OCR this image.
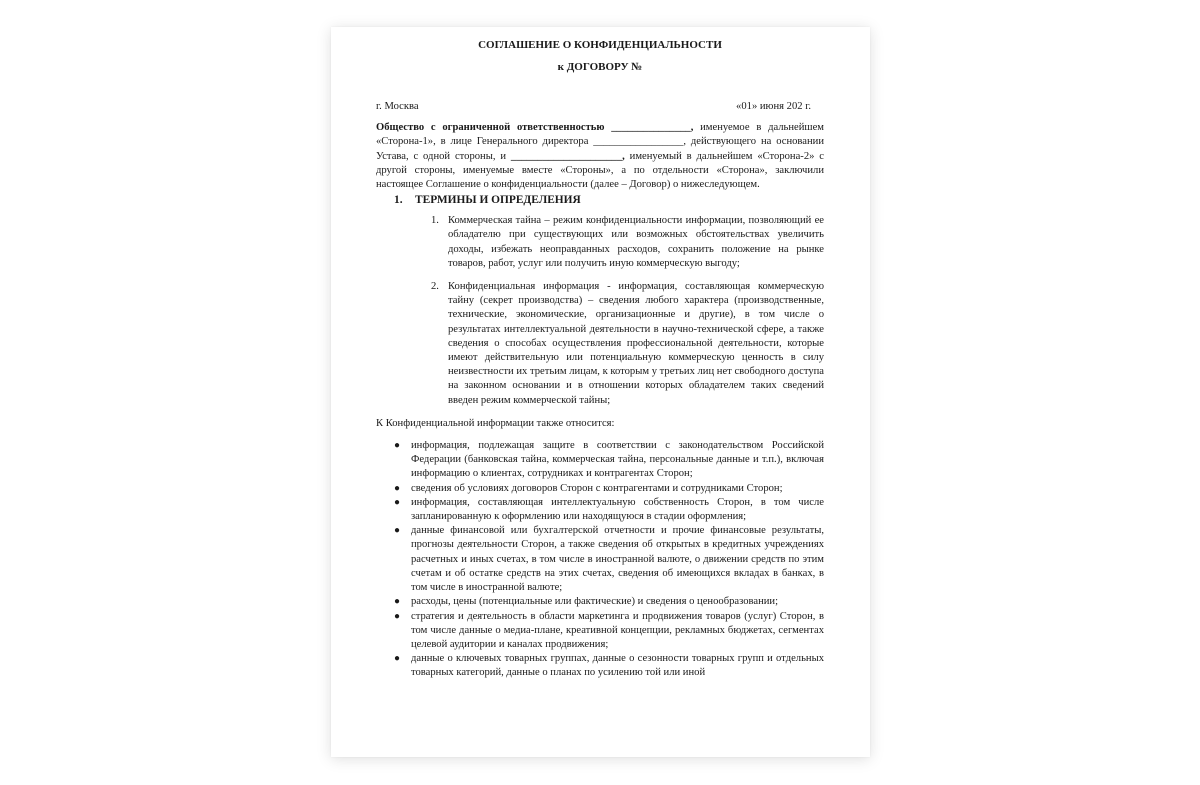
СОГЛАШЕНИЕ О КОНФИДЕНЦИАЛЬНОСТИ
к ДОГОВОРУ №
г. Москва	«01» июня 202 г.
Общество с ограниченной ответственностью _______________, именуемое в дальнейшем «Сторона-1», в лице Генерального директора _________________, действующего на основании Устава, с одной стороны, и _____________________, именуемый в дальнейшем «Сторона-2» с другой стороны, именуемые вместе «Стороны», а по отдельности «Сторона», заключили настоящее Соглашение о конфиденциальности (далее – Договор) о нижеследующем.
1. ТЕРМИНЫ И ОПРЕДЕЛЕНИЯ
1. Коммерческая тайна – режим конфиденциальности информации, позволяющий ее обладателю при существующих или возможных обстоятельствах увеличить доходы, избежать неоправданных расходов, сохранить положение на рынке товаров, работ, услуг или получить иную коммерческую выгоду;
2. Конфиденциальная информация - информация, составляющая коммерческую тайну (секрет производства) – сведения любого характера (производственные, технические, экономические, организационные и другие), в том числе о результатах интеллектуальной деятельности в научно-технической сфере, а также сведения о способах осуществления профессиональной деятельности, которые имеют действительную или потенциальную коммерческую ценность в силу неизвестности их третьим лицам, к которым у третьих лиц нет свободного доступа на законном основании и в отношении которых обладателем таких сведений введен режим коммерческой тайны;
К Конфиденциальной информации также относится:
● информация, подлежащая защите в соответствии с законодательством Российской Федерации (банковская тайна, коммерческая тайна, персональные данные и т.п.), включая информацию о клиентах, сотрудниках и контрагентах Сторон;
● сведения об условиях договоров Сторон с контрагентами и сотрудниками Сторон;
● информация, составляющая интеллектуальную собственность Сторон, в том числе запланированную к оформлению или находящуюся в стадии оформления;
● данные финансовой или бухгалтерской отчетности и прочие финансовые результаты, прогнозы деятельности Сторон, а также сведения об открытых в кредитных учреждениях расчетных и иных счетах, в том числе в иностранной валюте, о движении средств по этим счетам и об остатке средств на этих счетах, сведения об имеющихся вкладах в банках, в том числе в иностранной валюте;
● расходы, цены (потенциальные или фактические) и сведения о ценообразовании;
● стратегия и деятельность в области маркетинга и продвижения товаров (услуг) Сторон, в том числе данные о медиа-плане, креативной концепции, рекламных бюджетах, сегментах целевой аудитории и каналах продвижения;
● данные о ключевых товарных группах, данные о сезонности товарных групп и отдельных товарных категорий, данные о планах по усилению той или иной
